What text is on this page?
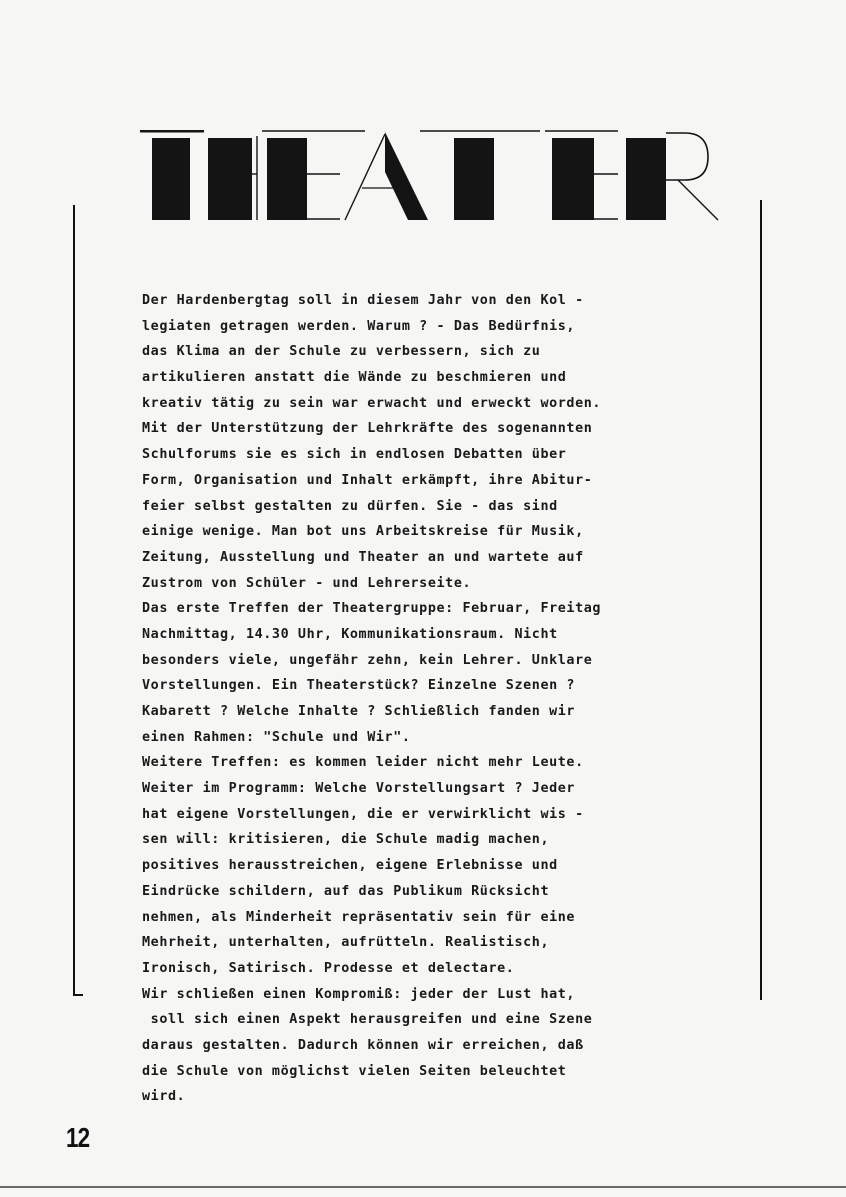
Der Hardenbergtag soll in diesem Jahr von den Kol -
legiaten getragen werden. Warum ? - Das Bedürfnis,
das Klima an der Schule zu verbessern, sich zu
artikulieren anstatt die Wände zu beschmieren und
kreativ tätig zu sein war erwacht und erweckt worden.
Mit der Unterstützung der Lehrkräfte des sogenannten
Schulforums sie es sich in endlosen Debatten über
Form, Organisation und Inhalt erkämpft, ihre Abitur-
feier selbst gestalten zu dürfen. Sie - das sind
einige wenige. Man bot uns Arbeitskreise für Musik,
Zeitung, Ausstellung und Theater an und wartete auf
Zustrom von Schüler - und Lehrerseite.
Das erste Treffen der Theatergruppe: Februar, Freitag
Nachmittag, 14.30 Uhr, Kommunikationsraum. Nicht
besonders viele, ungefähr zehn, kein Lehrer. Unklare
Vorstellungen. Ein Theaterstück? Einzelne Szenen ?
Kabarett ? Welche Inhalte ? Schließlich fanden wir
einen Rahmen: "Schule und Wir".
Weitere Treffen: es kommen leider nicht mehr Leute.
Weiter im Programm: Welche Vorstellungsart ? Jeder
hat eigene Vorstellungen, die er verwirklicht wis -
sen will: kritisieren, die Schule madig machen,
positives herausstreichen, eigene Erlebnisse und
Eindrücke schildern, auf das Publikum Rücksicht
nehmen, als Minderheit repräsentativ sein für eine
Mehrheit, unterhalten, aufrütteln. Realistisch,
Ironisch, Satirisch. Prodesse et delectare.
Wir schließen einen Kompromiß: jeder der Lust hat,
soll sich einen Aspekt herausgreifen und eine Szene
daraus gestalten. Dadurch können wir erreichen, daß
die Schule von möglichst vielen Seiten beleuchtet
wird.
12
